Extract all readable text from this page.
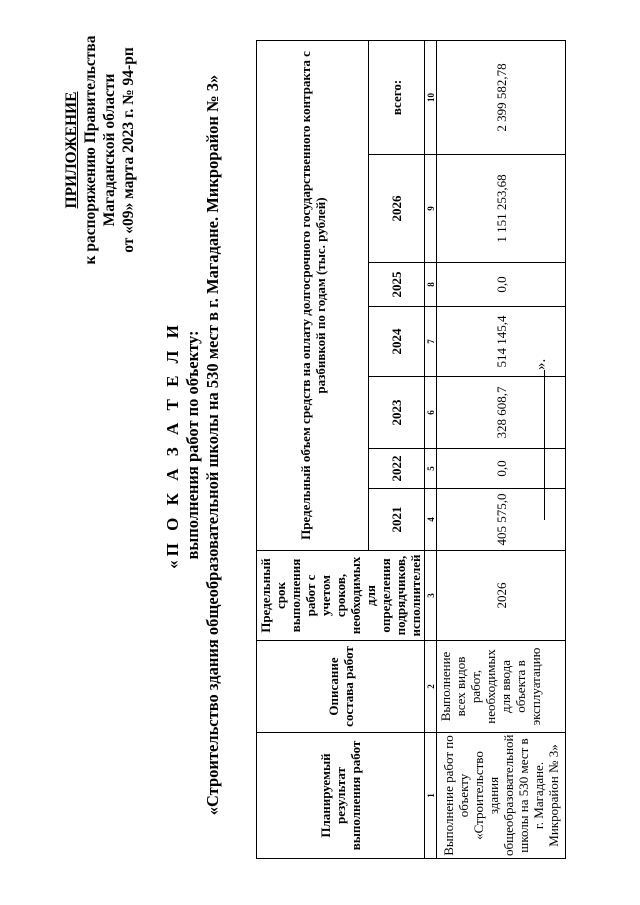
ПРИЛОЖЕНИЕ к распоряжению Правительства Магаданской области от «09» марта 2023 г. № 94-рп
«П О К А З А Т Е Л И выполнения работ по объекту: «Строительство здания общеобразовательной школы на 530 мест в г. Магадане. Микрорайон № 3»	Планируемый результат выполнения работ	Описание состава работ	Предельный срок выполнения работ с учетом сроков, необходимых для определения подрядчиков, исполнителей	Предельный объем средств на оплату долгосрочного государственного контракта с разбивкой по годам (тыс. рублей)						
			2021	2022	2023	2024	2025	2026	всего:
1	2	3	4	5	6	7	8	9	10
Выполнение работ по объекту «Строительство здания общеобразовательной школы на 530 мест в г. Магадане. Микрорайон № 3»	Выполнение всех видов работ, необходимых для ввода объекта в эксплуатацию	2026	405 575,0	0,0	328 608,7	514 145,4	0,0	1 151 253,68	2 399 582,78
».
